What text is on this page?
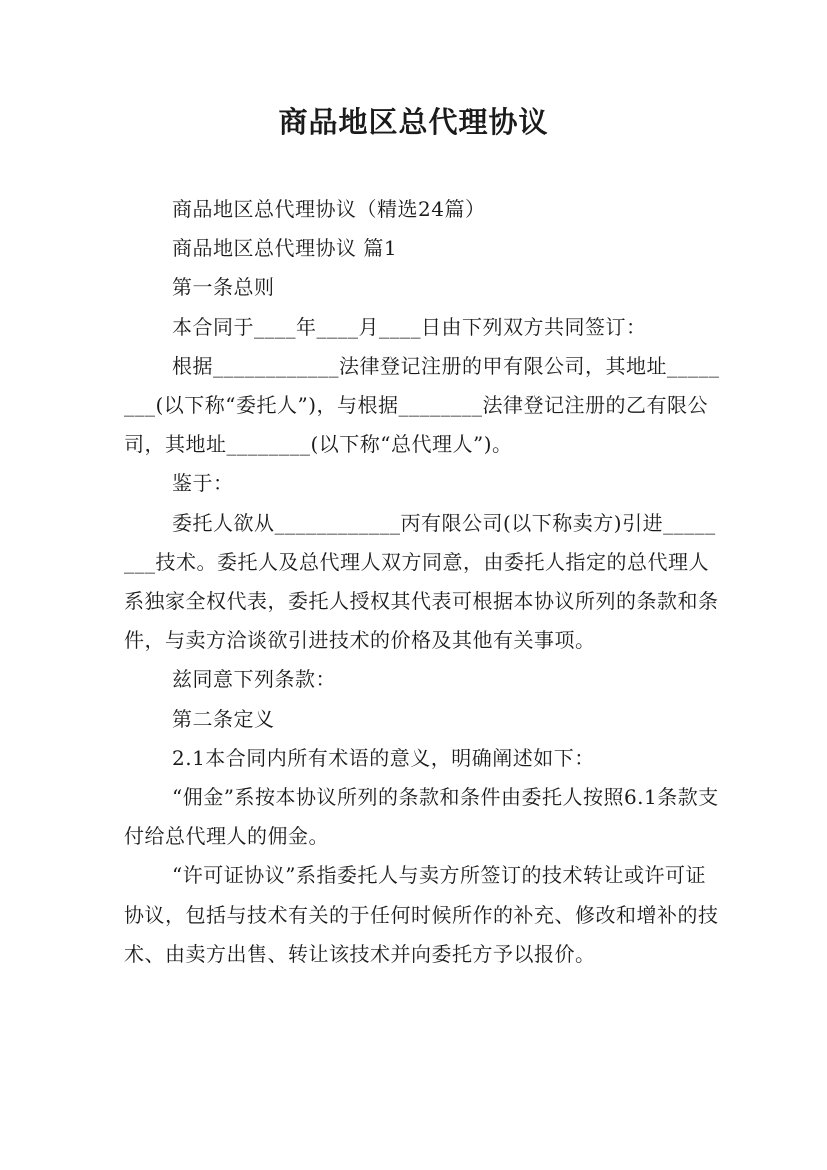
商品地区总代理协议

商品地区总代理协议（精选24篇）

商品地区总代理协议 篇1

第一条总则

本合同于____年____月____日由下列双方共同签订：

根据____________法律登记注册的甲有限公司，其地址________(以下称“委托人”)，与根据________法律登记注册的乙有限公司，其地址________(以下称“总代理人”)。

鉴于：

委托人欲从____________丙有限公司(以下称卖方)引进________技术。委托人及总代理人双方同意，由委托人指定的总代理人系独家全权代表，委托人授权其代表可根据本协议所列的条款和条件，与卖方洽谈欲引进技术的价格及其他有关事项。

兹同意下列条款：

第二条定义

2.1本合同内所有术语的意义，明确阐述如下：

“佣金”系按本协议所列的条款和条件由委托人按照6.1条款支付给总代理人的佣金。

“许可证协议”系指委托人与卖方所签订的技术转让或许可证协议，包括与技术有关的于任何时候所作的补充、修改和增补的技术、由卖方出售、转让该技术并向委托方予以报价。
